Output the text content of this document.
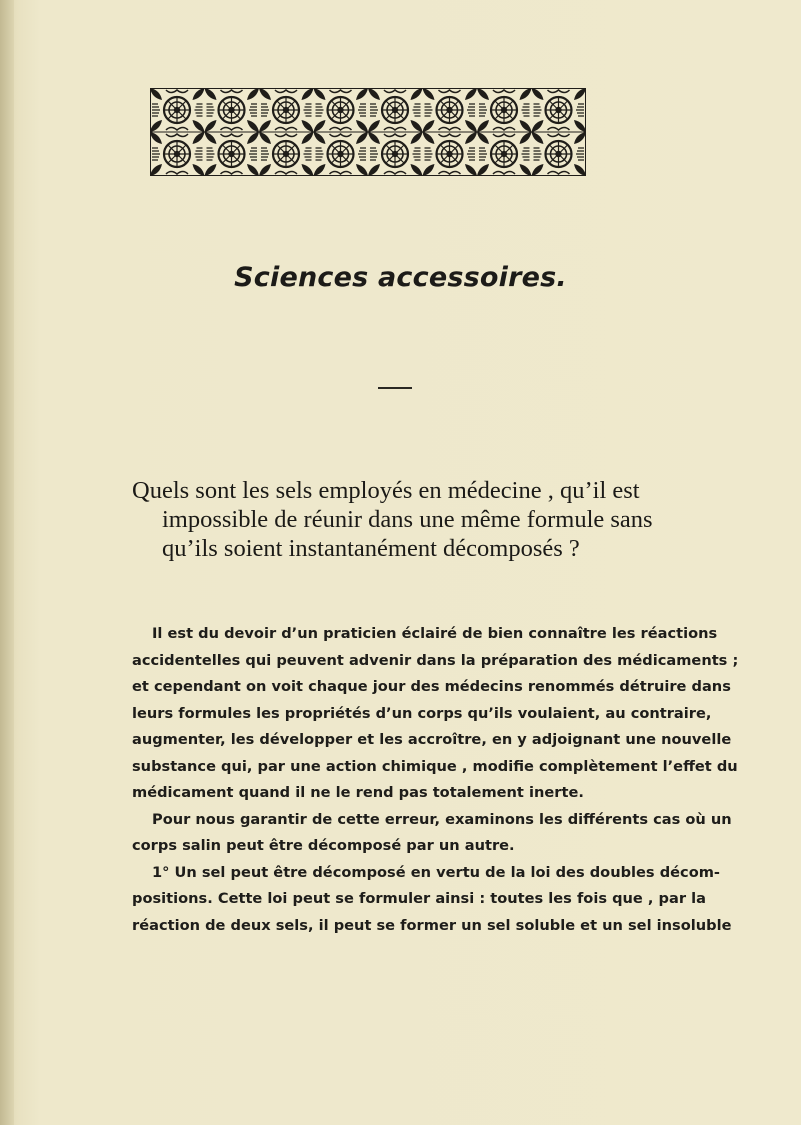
Sciences accessoires.
Quels sont les sels employés en médecine , qu’il est
impossible de réunir dans une même formule sans
qu’ils soient instantanément décomposés ?
Il est du devoir d’un praticien éclairé de bien connaître les réactions
accidentelles qui peuvent advenir dans la préparation des médicaments ;
et cependant on voit chaque jour des médecins renommés détruire dans
leurs formules les propriétés d’un corps qu’ils voulaient, au contraire,
augmenter, les développer et les accroître, en y adjoignant une nouvelle
substance qui, par une action chimique , modifie complètement l’effet du
médicament quand il ne le rend pas totalement inerte.
Pour nous garantir de cette erreur, examinons les différents cas où un
corps salin peut être décomposé par un autre.
1° Un sel peut être décomposé en vertu de la loi des doubles décom-
positions. Cette loi peut se formuler ainsi : toutes les fois que , par la
réaction de deux sels, il peut se former un sel soluble et un sel insoluble
